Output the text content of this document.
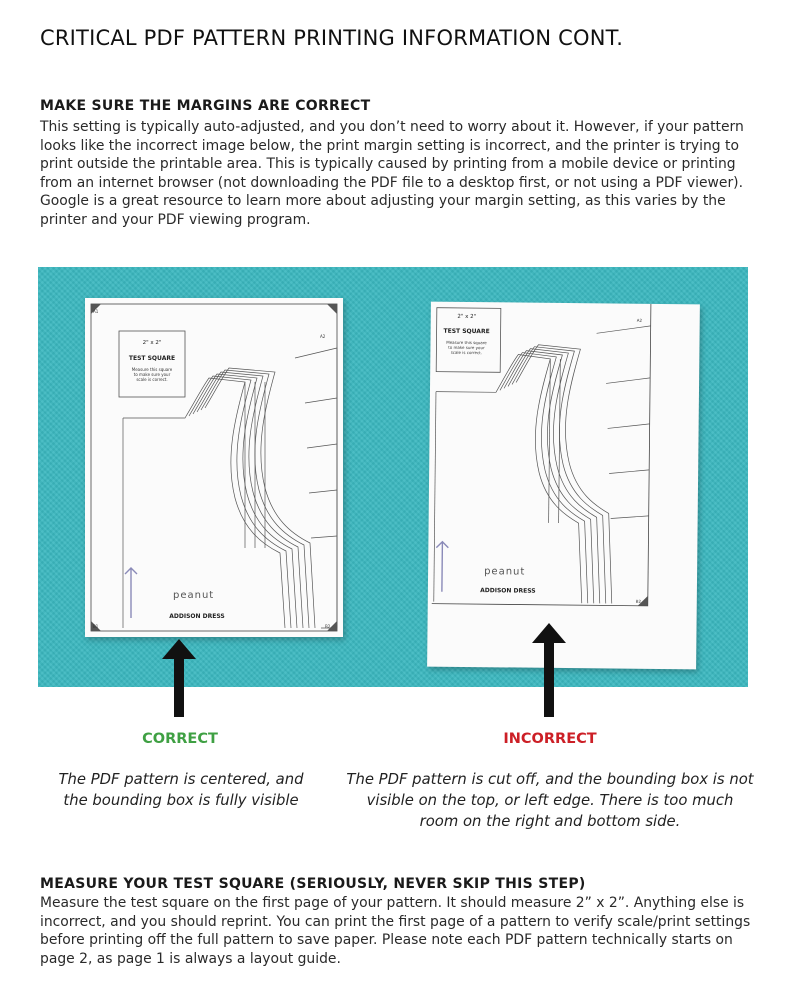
CRITICAL PDF PATTERN PRINTING INFORMATION CONT.
MAKE SURE THE MARGINS ARE CORRECT

This setting is typically auto-adjusted, and you don’t need to worry about it. However, if your pattern looks like the incorrect image below, the print margin setting is incorrect, and the printer is trying to print outside the printable area. This is typically caused by printing from a mobile device or printing from an internet browser (not downloading the PDF file to a desktop first, or not using a PDF viewer). Google is a great resource to learn more about adjusting your margin setting, as this varies by the printer and your PDF viewing program.

A1
A2
B1	B2
2" x 2"
TEST SQUARE
Measure this square
to make sure your
scale is correct.
peanut
ADDISON DRESS
A2
B2
2" x 2"
TEST SQUARE
Measure this square
to make sure your
scale is correct.
peanut
ADDISON DRESS

CORRECT	INCORRECT

The PDF pattern is centered, and the bounding box is fully visible

The PDF pattern is cut off, and the bounding box is not visible on the top, or left edge. There is too much room on the right and bottom side.

MEASURE YOUR TEST SQUARE (SERIOUSLY, NEVER SKIP THIS STEP)

Measure the test square on the first page of your pattern. It should measure 2” x 2”. Anything else is incorrect, and you should reprint. You can print the first page of a pattern to verify scale/print settings before printing off the full pattern to save paper. Please note each PDF pattern technically starts on page 2, as page 1 is always a layout guide.
